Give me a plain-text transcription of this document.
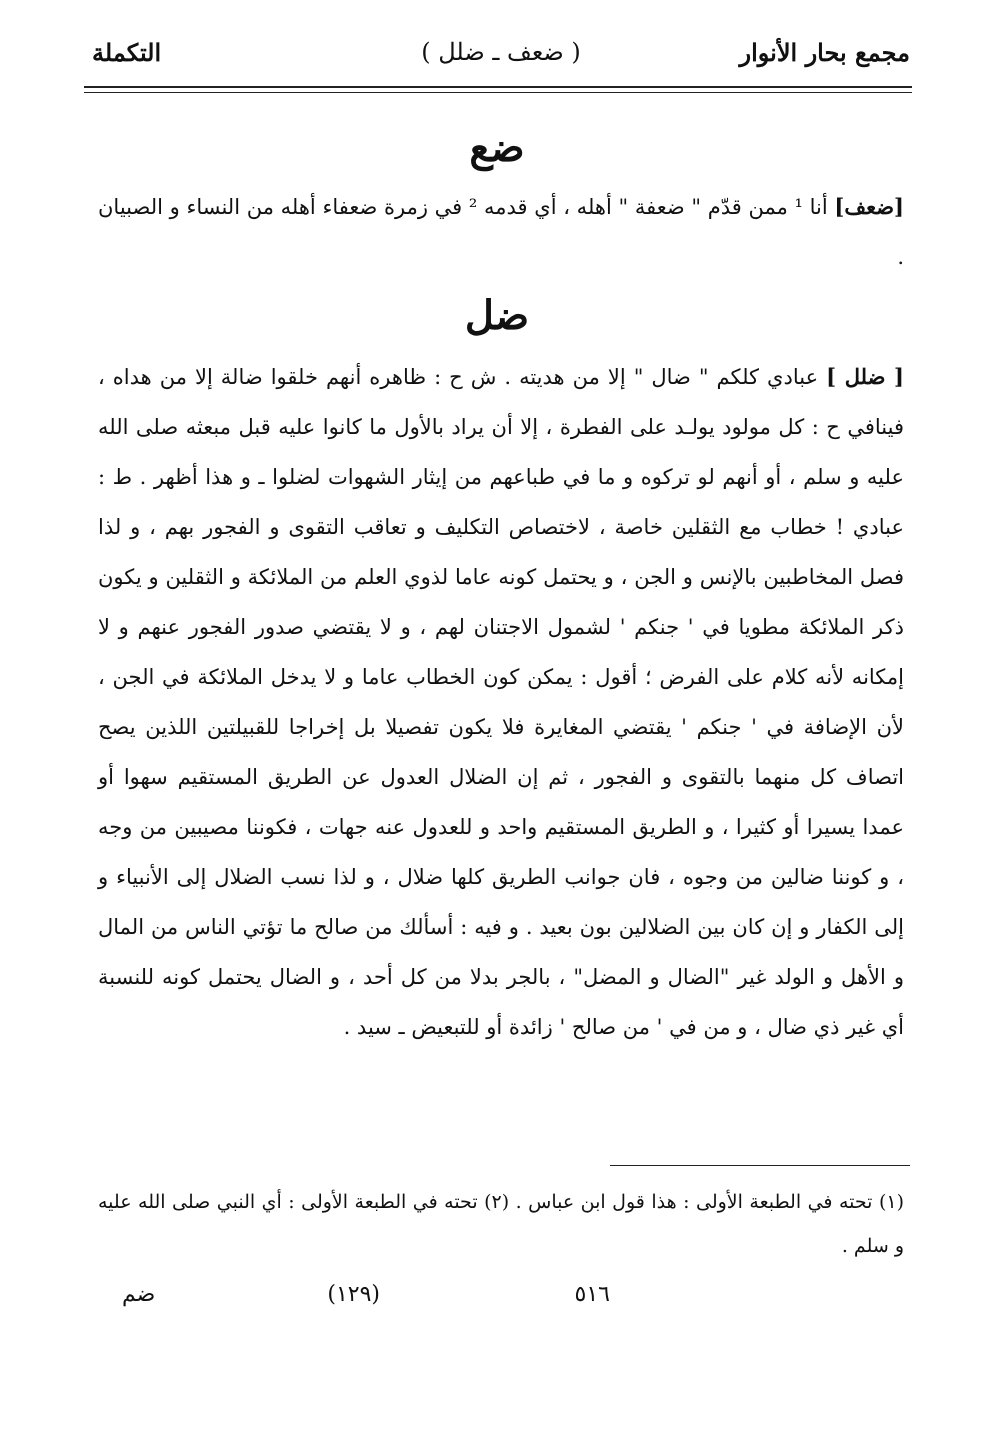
مجمع بحار الأنوار
( ضعف ـ ضلل )
التكملة
ضع
[ضعف] أنا ¹ ممن قدّم " ضعفة " أهله ، أي قدمه ² في زمرة ضعفاء أهله من النساء و الصبيان .
ضل
[ ضلل ] عبادي كلكم " ضال " إلا من هديته . ش ح : ظاهره أنهم خلقوا ضالة إلا من هداه ، فينافي ح : كل مولود يولـد على الفطرة ، إلا أن يراد بالأول ما كانوا عليه قبل مبعثه صلى الله عليه و سلم ، أو أنهم لو تركوه و ما في طباعهم من إيثار الشهوات لضلوا ـ و هذا أظهر . ط : عبادي ! خطاب مع الثقلين خاصة ، لاختصاص التكليف و تعاقب التقوى و الفجور بهم ، و لذا فصل المخاطبين بالإنس و الجن ، و يحتمل كونه عاما لذوي العلم من الملائكة و الثقلين و يكون ذكر الملائكة مطويا في ' جنكم ' لشمول الاجتنان لهم ، و لا يقتضي صدور الفجور عنهم و لا إمكانه لأنه كلام على الفرض ؛ أقول : يمكن كون الخطاب عاما و لا يدخل الملائكة في الجن ، لأن الإضافة في ' جنكم ' يقتضي المغايرة فلا يكون تفصيلا بل إخراجا للقبيلتين اللذين يصح اتصاف كل منهما بالتقوى و الفجور ، ثم إن الضلال العدول عن الطريق المستقيم سهوا أو عمدا يسيرا أو كثيرا ، و الطريق المستقيم واحد و للعدول عنه جهات ، فكوننا مصيبين من وجه ، و كوننا ضالين من وجوه ، فان جوانب الطريق كلها ضلال ، و لذا نسب الضلال إلى الأنبياء و إلى الكفار و إن كان بين الضلالين بون بعيد . و فيه : أسألك من صالح ما تؤتي الناس من المال و الأهل و الولد غير "الضال و المضل" ، بالجر بدلا من كل أحد ، و الضال يحتمل كونه للنسبة أي غير ذي ضال ، و من في ' من صالح ' زائدة أو للتبعيض ـ سيد .
(١) تحته في الطبعة الأولى : هذا قول ابن عباس . (٢) تحته في الطبعة الأولى : أي النبي صلى الله عليه و سلم .
٥١٦
(١٢٩)
ضم
